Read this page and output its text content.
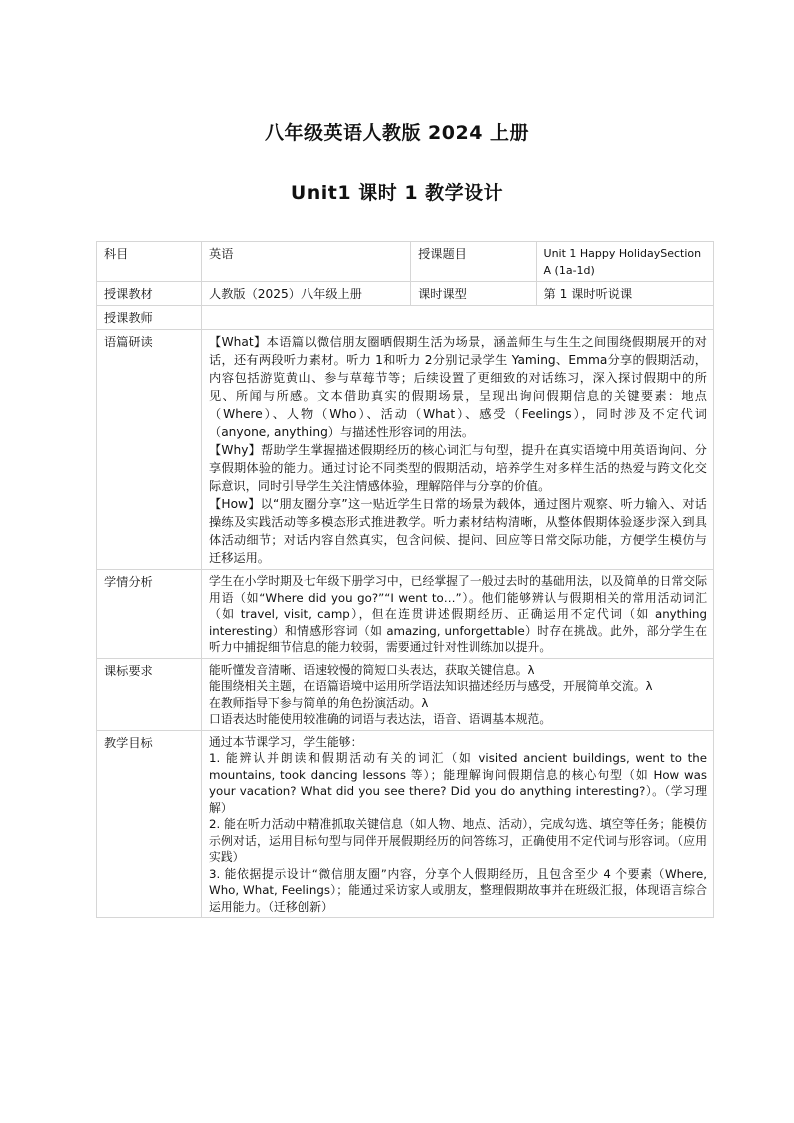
八年级英语人教版 2024 上册
Unit1 课时 1 教学设计
科目	英语	授课题目	Unit 1 Happy HolidaySection A (1a-1d)
授课教材	人教版（2025）八年级上册	课时课型	第 1 课时听说课
授课教师			
语篇研读	【What】本语篇以微信朋友圈晒假期生活为场景，涵盖师生与生生之间围绕假期展开的对话，还有两段听力素材。听力 1和听力 2分别记录学生 Yaming、Emma分享的假期活动，内容包括游览黄山、参与草莓节等；后续设置了更细致的对话练习，深入探讨假期中的所见、所闻与所感。文本借助真实的假期场景，呈现出询问假期信息的关键要素：地点（Where）、人物（Who）、活动（What）、感受（Feelings），同时涉及不定代词（anyone, anything）与描述性形容词的用法。

【Why】帮助学生掌握描述假期经历的核心词汇与句型，提升在真实语境中用英语询问、分享假期体验的能力。通过讨论不同类型的假期活动，培养学生对多样生活的热爱与跨文化交际意识，同时引导学生关注情感体验，理解陪伴与分享的价值。

【How】以“朋友圈分享”这一贴近学生日常的场景为载体，通过图片观察、听力输入、对话操练及实践活动等多模态形式推进教学。听力素材结构清晰，从整体假期体验逐步深入到具体活动细节；对话内容自然真实，包含问候、提问、回应等日常交际功能，方便学生模仿与迁移运用。		

学情分析	学生在小学时期及七年级下册学习中，已经掌握了一般过去时的基础用法，以及简单的日常交际用语（如“Where did you go?”“I went to…”）。他们能够辨认与假期相关的常用活动词汇（如 travel, visit, camp），但在连贯讲述假期经历、正确运用不定代词（如 anything interesting）和情感形容词（如 amazing, unforgettable）时存在挑战。此外，部分学生在听力中捕捉细节信息的能力较弱，需要通过针对性训练加以提升。		

课标要求	能听懂发音清晰、语速较慢的简短口头表达，获取关键信息。λ

能围绕相关主题，在语篇语境中运用所学语法知识描述经历与感受，开展简单交流。λ

在教师指导下参与简单的角色扮演活动。λ

口语表达时能使用较准确的词语与表达法，语音、语调基本规范。		

教学目标	通过本节课学习，学生能够：

1. 能辨认并朗读和假期活动有关的词汇（如 visited ancient buildings, went to the mountains, took dancing lessons 等）；能理解询问假期信息的核心句型（如 How was your vacation? What did you see there? Did you do anything interesting?）。（学习理解）

2. 能在听力活动中精准抓取关键信息（如人物、地点、活动），完成勾选、填空等任务；能模仿示例对话，运用目标句型与同伴开展假期经历的问答练习，正确使用不定代词与形容词。（应用实践）

3. 能依据提示设计“微信朋友圈”内容，分享个人假期经历，且包含至少 4 个要素（Where, Who, What, Feelings）；能通过采访家人或朋友，整理假期故事并在班级汇报，体现语言综合运用能力。（迁移创新）		
